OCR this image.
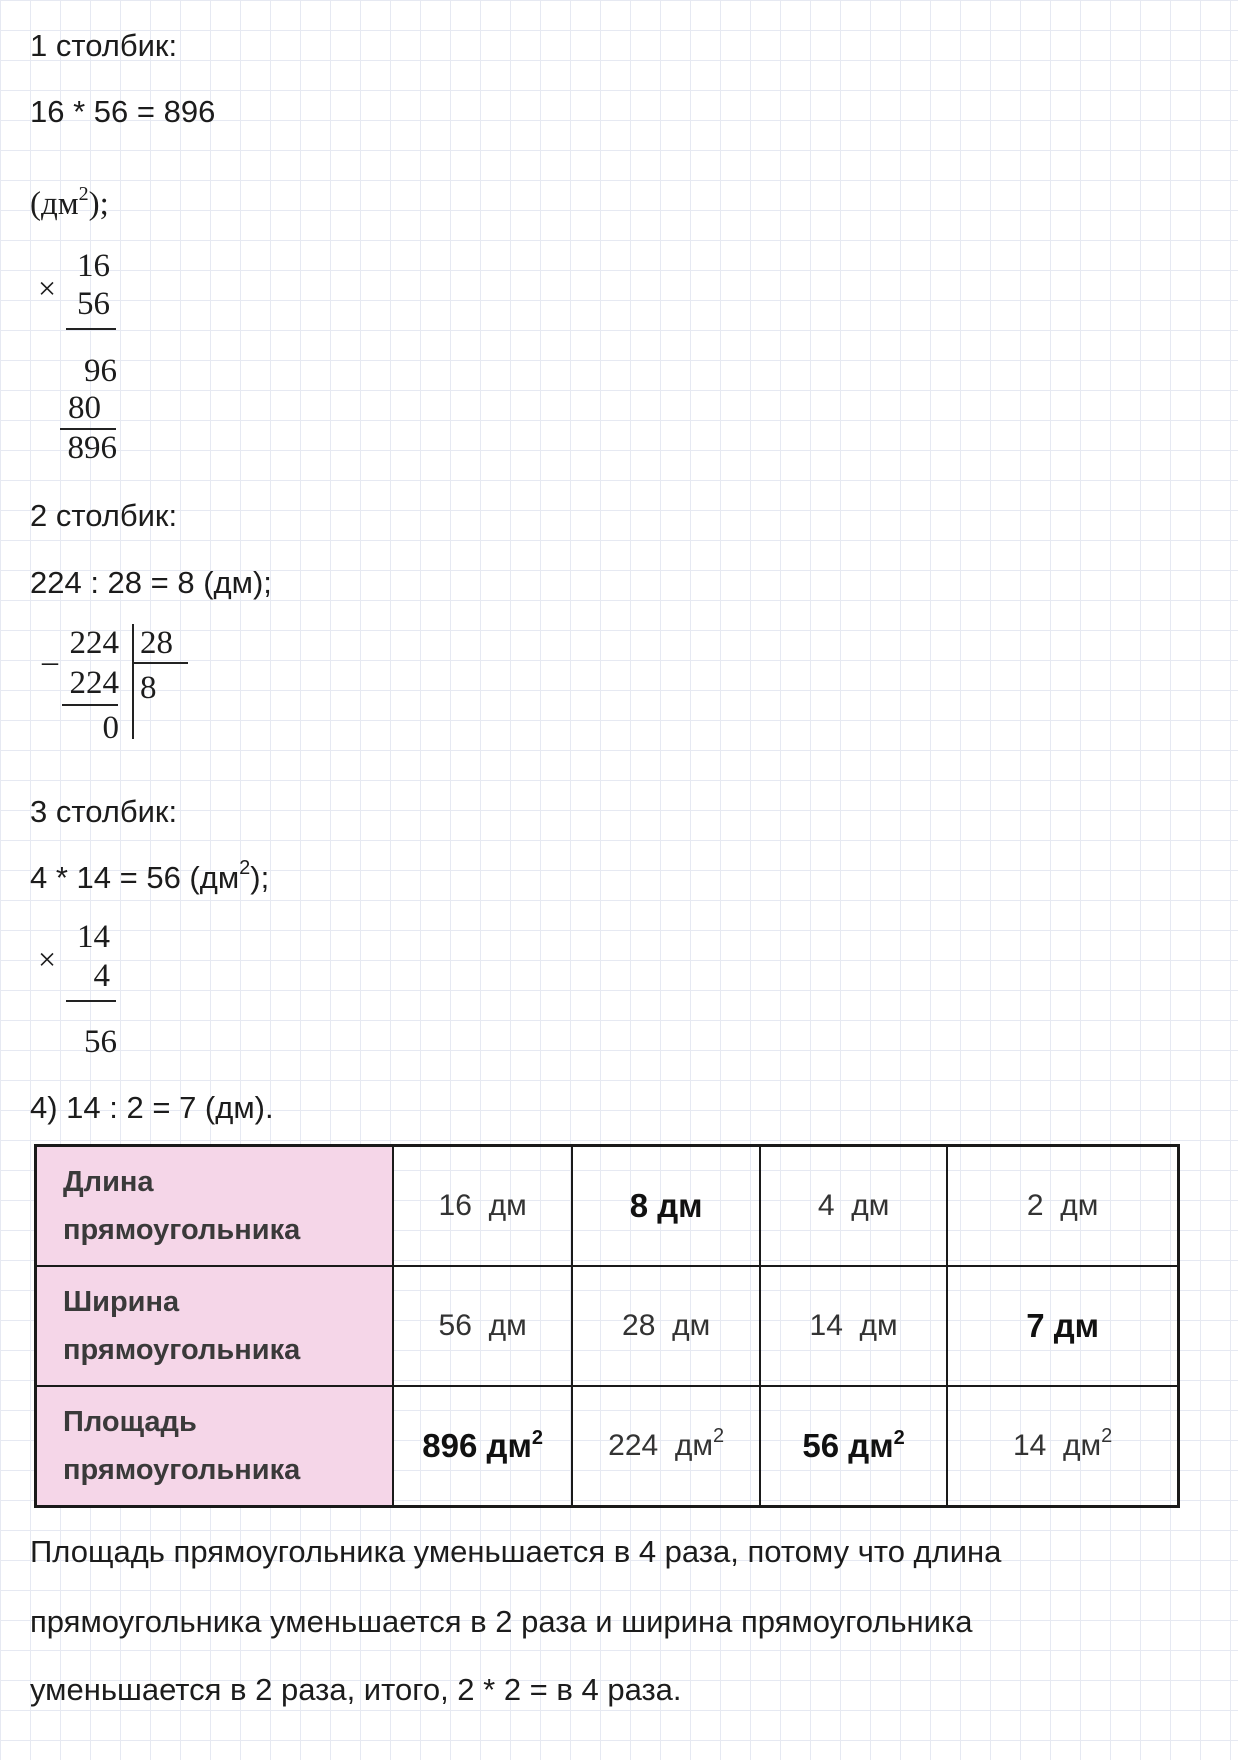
1 столбик:
16 * 56 = 896
$(дм^2)$;
×
16
56
96
80
896
2 столбик:
224 : 28 = 8 (дм);
_ 224 28
224 8
0
3 столбик:
4 * 14 = 56 $(дм^2)$;
×
14
4
56
4) 14 : 2 = 7 (дм).
Длина
прямоугольника	16  дм	8 дм	4  дм	2  дм
Ширина
прямоугольника	56  дм	28  дм	14  дм	7 дм
Площадь
прямоугольника	896 $дм^2$	224  $дм^2$	56 $дм^2$	14  $дм^2$
Площадь прямоугольника уменьшается в 4 раза, потому что длина
прямоугольника уменьшается в 2 раза и ширина прямоугольника
уменьшается в 2 раза, итого, 2 * 2 = в 4 раза.
